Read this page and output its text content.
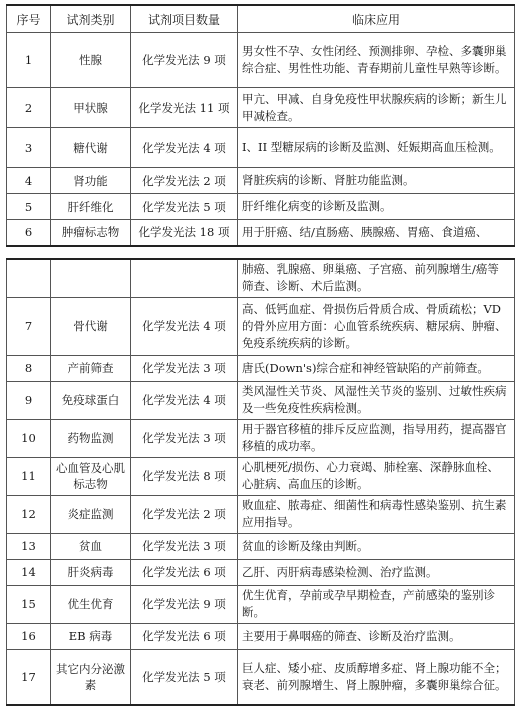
序号	试剂类别	试剂项目数量	临床应用
1	性腺	化学发光法 9 项	男女性不孕、女性闭经、预测排卵、孕检、多囊卵巢综合症、男性性功能、青春期前儿童性早熟等诊断。
2	甲状腺	化学发光法 11 项	甲亢、甲减、自身免疫性甲状腺疾病的诊断；新生儿甲减检查。
3	糖代谢	化学发光法 4 项	I、II 型糖尿病的诊断及监测、妊娠期高血压检测。
4	肾功能	化学发光法 2 项	肾脏疾病的诊断、肾脏功能监测。
5	肝纤维化	化学发光法 5 项	肝纤维化病变的诊断及监测。
6	肿瘤标志物	化学发光法 18 项	用于肝癌、结/直肠癌、胰腺癌、胃癌、食道癌、
			肺癌、乳腺癌、卵巢癌、子宫癌、前列腺增生/癌等筛查、诊断、术后监测。
7	骨代谢	化学发光法 4 项	高、低钙血症、骨损伤后骨质合成、骨质疏松；VD 的骨外应用方面：心血管系统疾病、糖尿病、肿瘤、免疫系统疾病的诊断。
8	产前筛查	化学发光法 3 项	唐氏(Down's)综合症和神经管缺陷的产前筛查。
9	免疫球蛋白	化学发光法 4 项	类风湿性关节炎、风湿性关节炎的鉴别、过敏性疾病及一些免疫性疾病检测。
10	药物监测	化学发光法 3 项	用于器官移植的排斥反应监测，指导用药，提高器官移植的成功率。
11	心血管及心肌标志物	化学发光法 8 项	心肌梗死/损伤、心力衰竭、肺栓塞、深静脉血栓、心脏病、高血压的诊断。
12	炎症监测	化学发光法 2 项	败血症、脓毒症、细菌性和病毒性感染鉴别、抗生素应用指导。
13	贫血	化学发光法 3 项	贫血的诊断及缘由判断。
14	肝炎病毒	化学发光法 6 项	乙肝、丙肝病毒感染检测、治疗监测。
15	优生优育	化学发光法 9 项	优生优育，孕前或孕早期检查，产前感染的鉴别诊断。
16	EB 病毒	化学发光法 6 项	主要用于鼻咽癌的筛查、诊断及治疗监测。
17	其它内分泌激素	化学发光法 5 项	巨人症、矮小症、皮质醇增多症、肾上腺功能不全；衰老、前列腺增生、肾上腺肿瘤，多囊卵巢综合征。
